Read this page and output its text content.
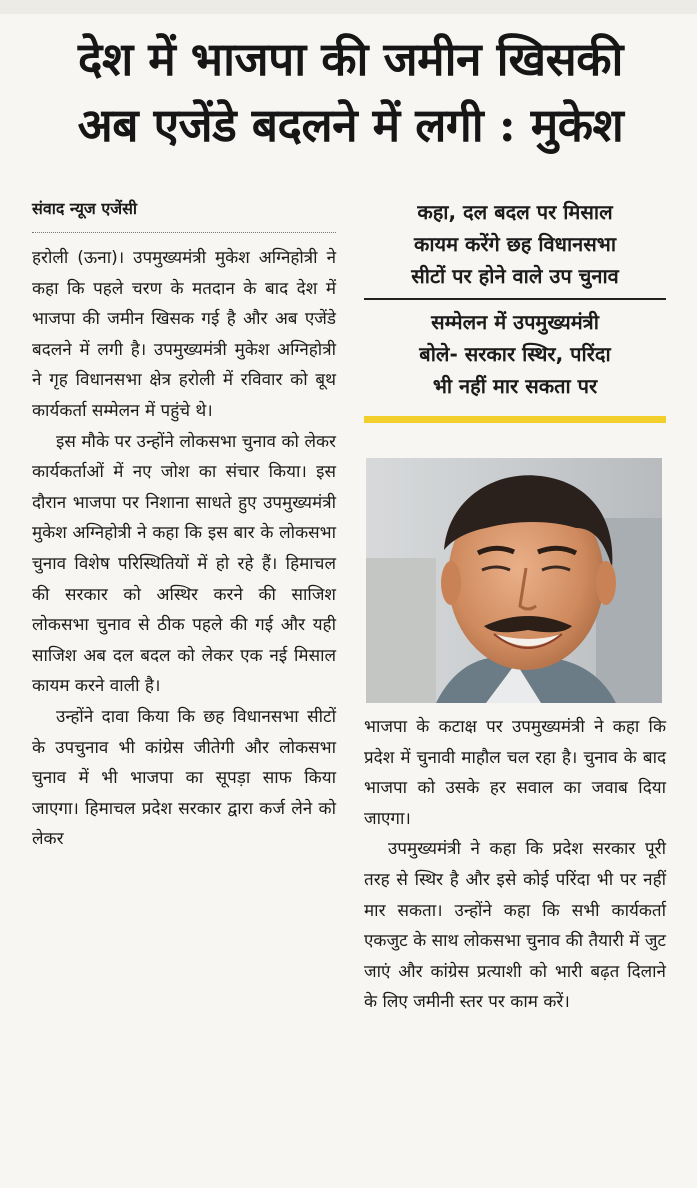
देश में भाजपा की जमीन खिसकी
अब एजेंडे बदलने में लगी : मुकेश
संवाद न्यूज एजेंसी

हरोली (ऊना)। उपमुख्यमंत्री मुकेश अग्निहोत्री ने कहा कि पहले चरण के मतदान के बाद देश में भाजपा की जमीन खिसक गई है और अब एजेंडे बदलने में लगी है। उपमुख्यमंत्री मुकेश अग्निहोत्री ने गृह विधानसभा क्षेत्र हरोली में रविवार को बूथ कार्यकर्ता सम्मेलन में पहुंचे थे।

इस मौके पर उन्होंने लोकसभा चुनाव को लेकर कार्यकर्ताओं में नए जोश का संचार किया। इस दौरान भाजपा पर निशाना साधते हुए उपमुख्यमंत्री मुकेश अग्निहोत्री ने कहा कि इस बार के लोकसभा चुनाव विशेष परिस्थितियों में हो रहे हैं। हिमाचल की सरकार को अस्थिर करने की साजिश लोकसभा चुनाव से ठीक पहले की गई और यही साजिश अब दल बदल को लेकर एक नई मिसाल कायम करने वाली है।

उन्होंने दावा किया कि छह विधानसभा सीटों के उपचुनाव भी कांग्रेस जीतेगी और लोकसभा चुनाव में भी भाजपा का सूपड़ा साफ किया जाएगा। हिमाचल प्रदेश सरकार द्वारा कर्ज लेने को लेकर

कहा, दल बदल पर मिसाल
कायम करेंगे छह विधानसभा
सीटों पर होने वाले उप चुनाव
सम्मेलन में उपमुख्यमंत्री
बोले- सरकार स्थिर, परिंदा
भी नहीं मार सकता पर

भाजपा के कटाक्ष पर उपमुख्यमंत्री ने कहा कि प्रदेश में चुनावी माहौल चल रहा है। चुनाव के बाद भाजपा को उसके हर सवाल का जवाब दिया जाएगा।

उपमुख्यमंत्री ने कहा कि प्रदेश सरकार पूरी तरह से स्थिर है और इसे कोई परिंदा भी पर नहीं मार सकता। उन्होंने कहा कि सभी कार्यकर्ता एकजुट के साथ लोकसभा चुनाव की तैयारी में जुट जाएं और कांग्रेस प्रत्याशी को भारी बढ़त दिलाने के लिए जमीनी स्तर पर काम करें।
